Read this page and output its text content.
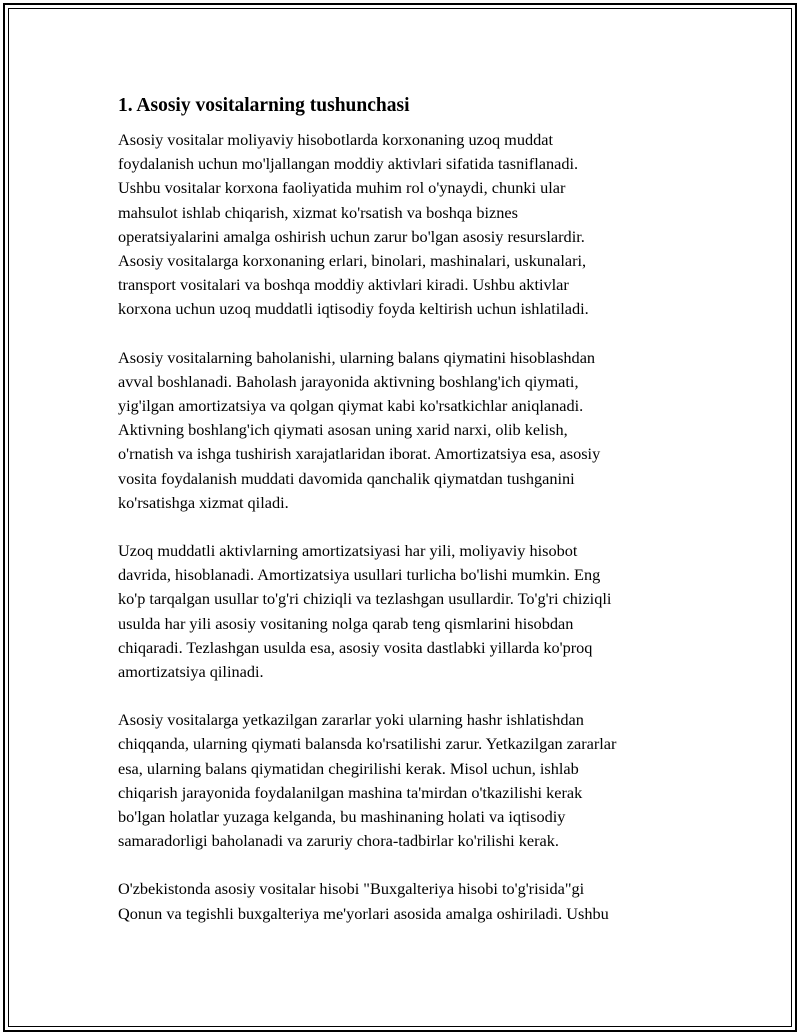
1. Asosiy vositalarning tushunchasi

Asosiy vositalar moliyaviy hisobotlarda korxonaning uzoq muddat
foydalanish uchun mo'ljallangan moddiy aktivlari sifatida tasniflanadi.
Ushbu vositalar korxona faoliyatida muhim rol o'ynaydi, chunki ular
mahsulot ishlab chiqarish, xizmat ko'rsatish va boshqa biznes
operatsiyalarini amalga oshirish uchun zarur bo'lgan asosiy resurslardir.
Asosiy vositalarga korxonaning erlari, binolari, mashinalari, uskunalari,
transport vositalari va boshqa moddiy aktivlari kiradi. Ushbu aktivlar
korxona uchun uzoq muddatli iqtisodiy foyda keltirish uchun ishlatiladi.

Asosiy vositalarning baholanishi, ularning balans qiymatini hisoblashdan
avval boshlanadi. Baholash jarayonida aktivning boshlang'ich qiymati,
yig'ilgan amortizatsiya va qolgan qiymat kabi ko'rsatkichlar aniqlanadi.
Aktivning boshlang'ich qiymati asosan uning xarid narxi, olib kelish,
o'rnatish va ishga tushirish xarajatlaridan iborat. Amortizatsiya esa, asosiy
vosita foydalanish muddati davomida qanchalik qiymatdan tushganini
ko'rsatishga xizmat qiladi.

Uzoq muddatli aktivlarning amortizatsiyasi har yili, moliyaviy hisobot
davrida, hisoblanadi. Amortizatsiya usullari turlicha bo'lishi mumkin. Eng
ko'p tarqalgan usullar to'g'ri chiziqli va tezlashgan usullardir. To'g'ri chiziqli
usulda har yili asosiy vositaning nolga qarab teng qismlarini hisobdan
chiqaradi. Tezlashgan usulda esa, asosiy vosita dastlabki yillarda ko'proq
amortizatsiya qilinadi.

Asosiy vositalarga yetkazilgan zararlar yoki ularning hashr ishlatishdan
chiqqanda, ularning qiymati balansda ko'rsatilishi zarur. Yetkazilgan zararlar
esa, ularning balans qiymatidan chegirilishi kerak. Misol uchun, ishlab
chiqarish jarayonida foydalanilgan mashina ta'mirdan o'tkazilishi kerak
bo'lgan holatlar yuzaga kelganda, bu mashinaning holati va iqtisodiy
samaradorligi baholanadi va zaruriy chora-tadbirlar ko'rilishi kerak.

O'zbekistonda asosiy vositalar hisobi "Buxgalteriya hisobi to'g'risida"gi
Qonun va tegishli buxgalteriya me'yorlari asosida amalga oshiriladi. Ushbu
